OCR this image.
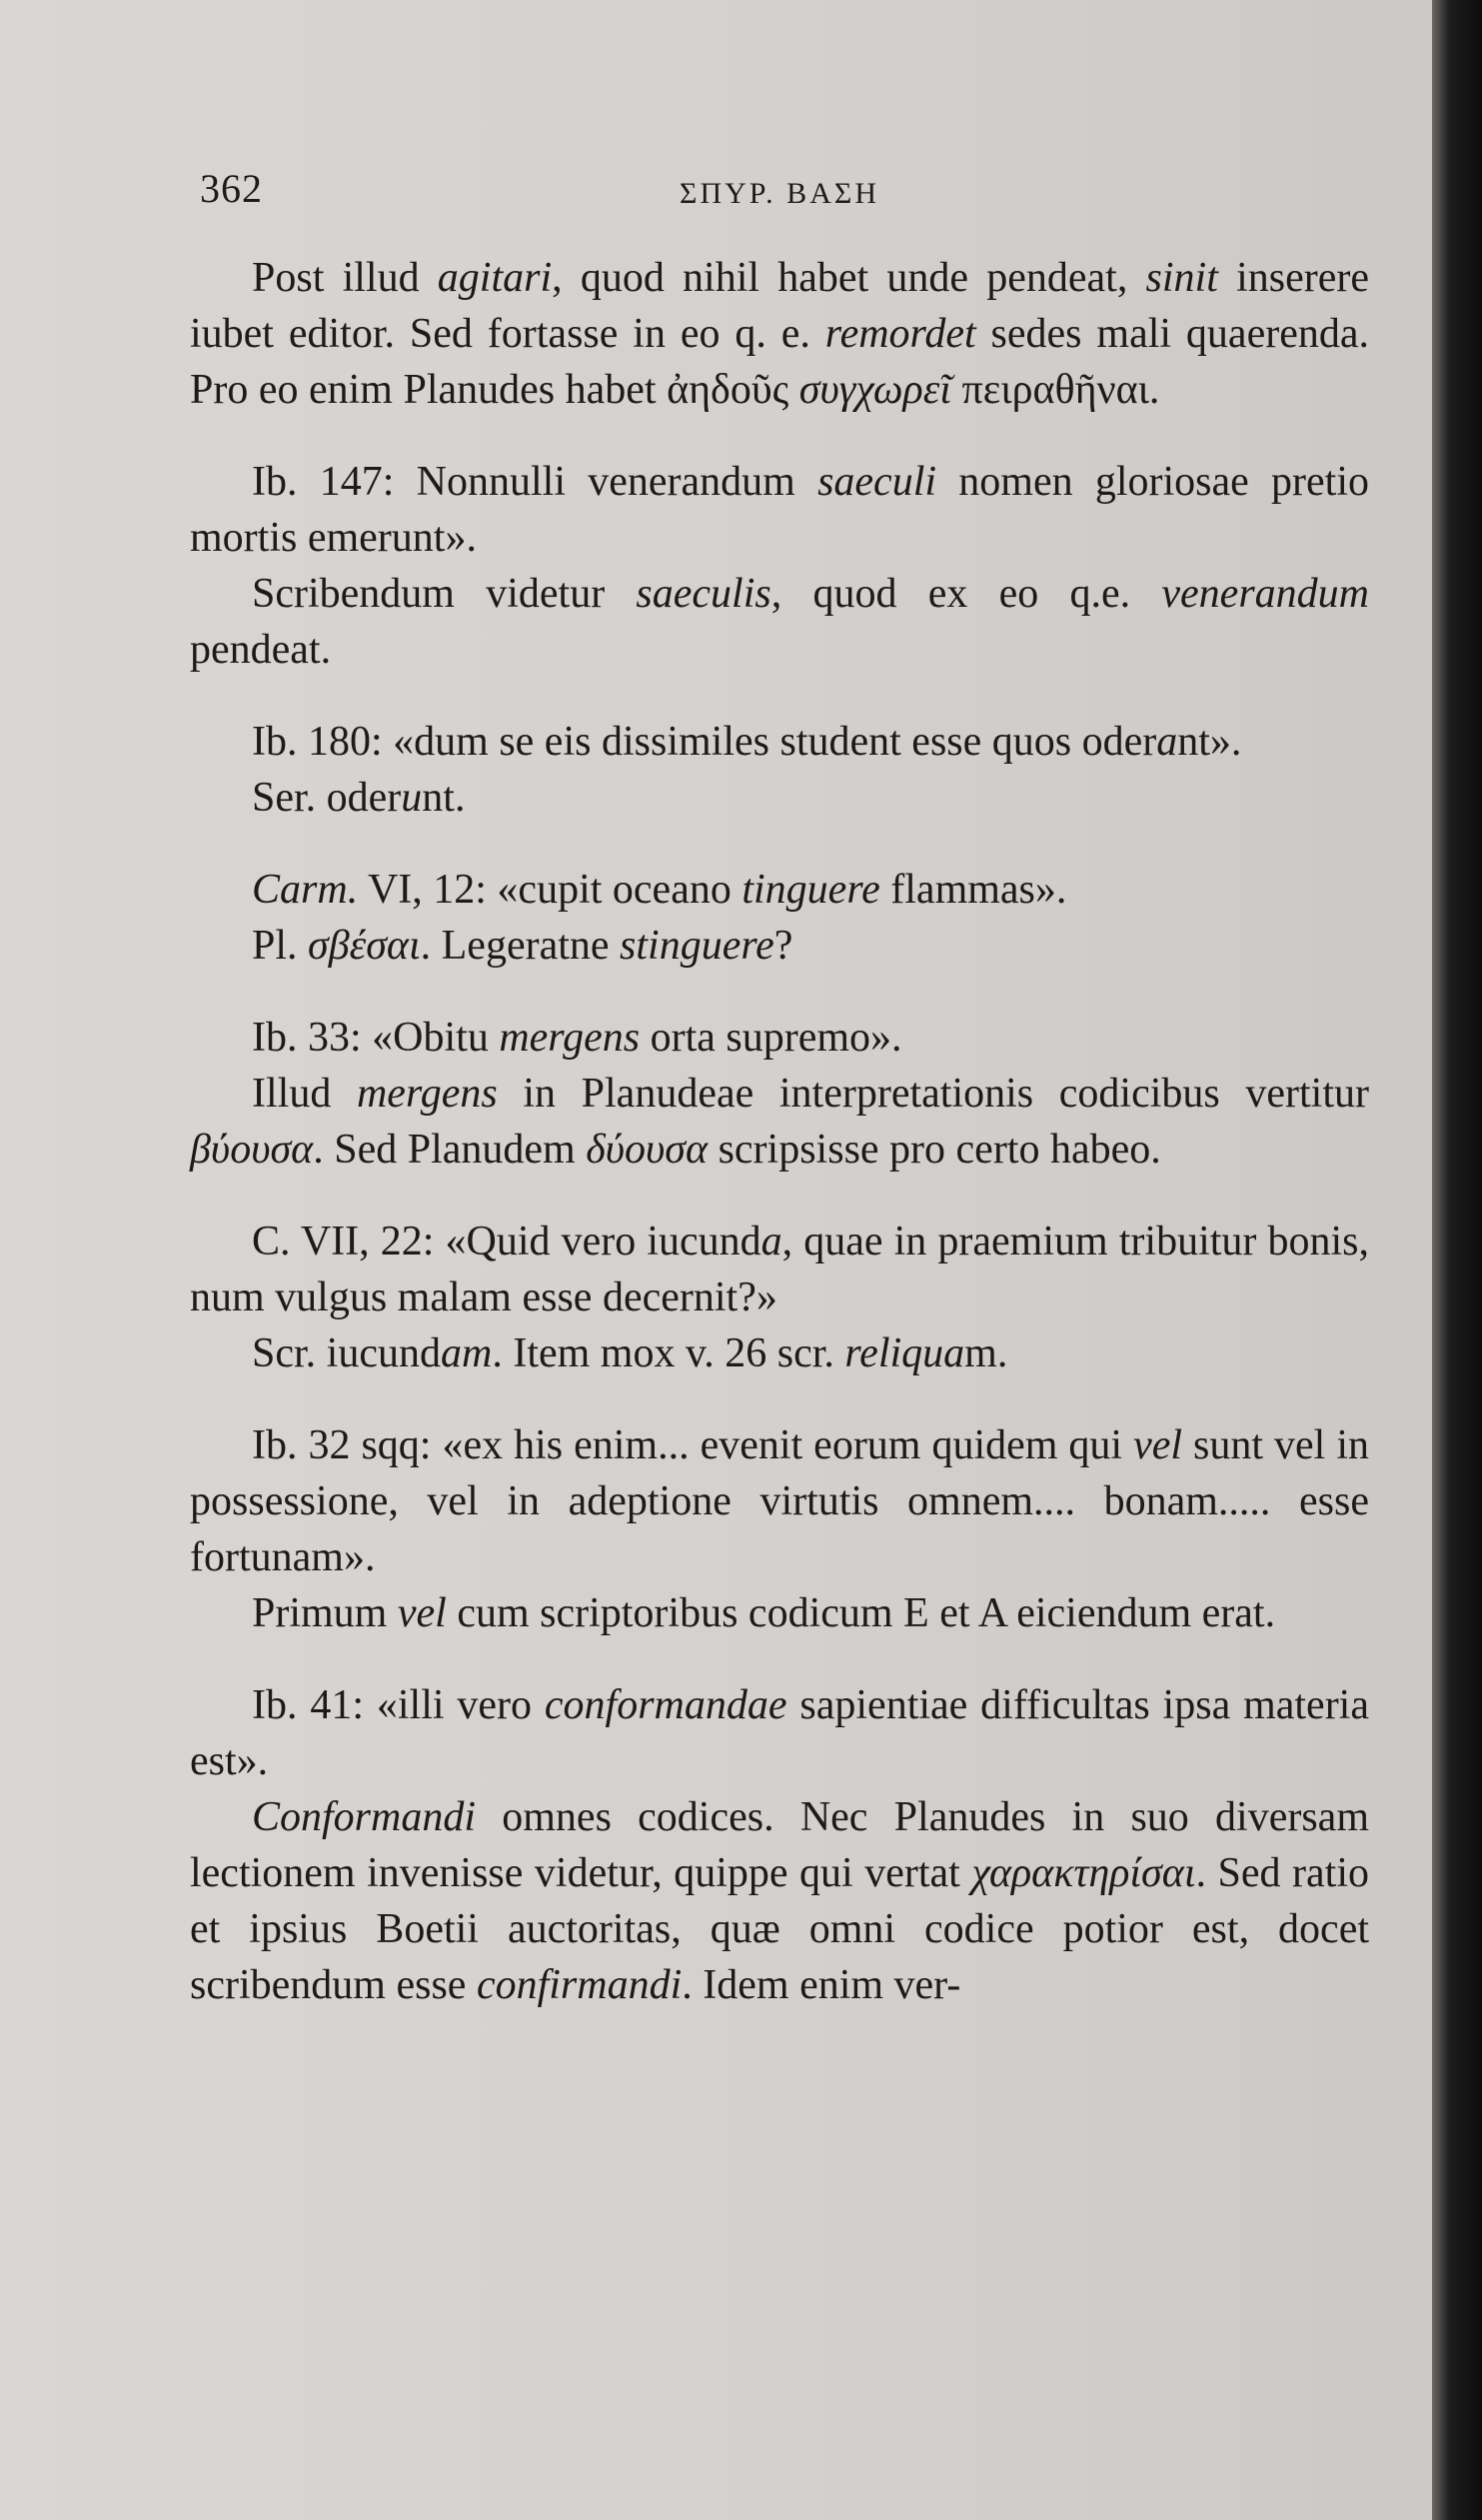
362	ΣΠΥΡ. ΒΑΣΗ

Post illud agitari, quod nihil habet unde pendeat, sinit inserere iubet editor. Sed fortasse in eo q. e. remordet sedes mali quaerenda. Pro eo enim Planudes habet ἀηδοῦς συγχωρεῖ πειραθῆναι.

Ib. 147: Nonnulli venerandum saeculi nomen gloriosae pretio mortis emerunt».

Scribendum videtur saeculis, quod ex eo q.e. venerandum pendeat.

Ib. 180: «dum se eis dissimiles student esse quos oderant».

Ser. oderunt.

Carm. VI, 12: «cupit oceano tinguere flammas».

Pl. σβέσαι. Legeratne stinguere?

Ib. 33: «Obitu mergens orta supremo».

Illud mergens in Planudeae interpretationis codicibus vertitur βύουσα. Sed Planudem δύουσα scripsisse pro certo habeo.

C. VII, 22: «Quid vero iucunda, quae in praemium tribuitur bonis, num vulgus malam esse decernit?»

Scr. iucundam. Item mox v. 26 scr. reliquam.

Ib. 32 sqq: «ex his enim... evenit eorum quidem qui vel sunt vel in possessione, vel in adeptione virtutis omnem.... bonam..... esse fortunam».

Primum vel cum scriptoribus codicum E et A eiciendum erat.

Ib. 41: «illi vero conformandae sapientiae difficultas ipsa materia est».

Conformandi omnes codices. Nec Planudes in suo diversam lectionem invenisse videtur, quippe qui vertat χαρακτηρίσαι. Sed ratio et ipsius Boetii auctoritas, quæ omni codice potior est, docet scribendum esse confirmandi. Idem enim ver-
